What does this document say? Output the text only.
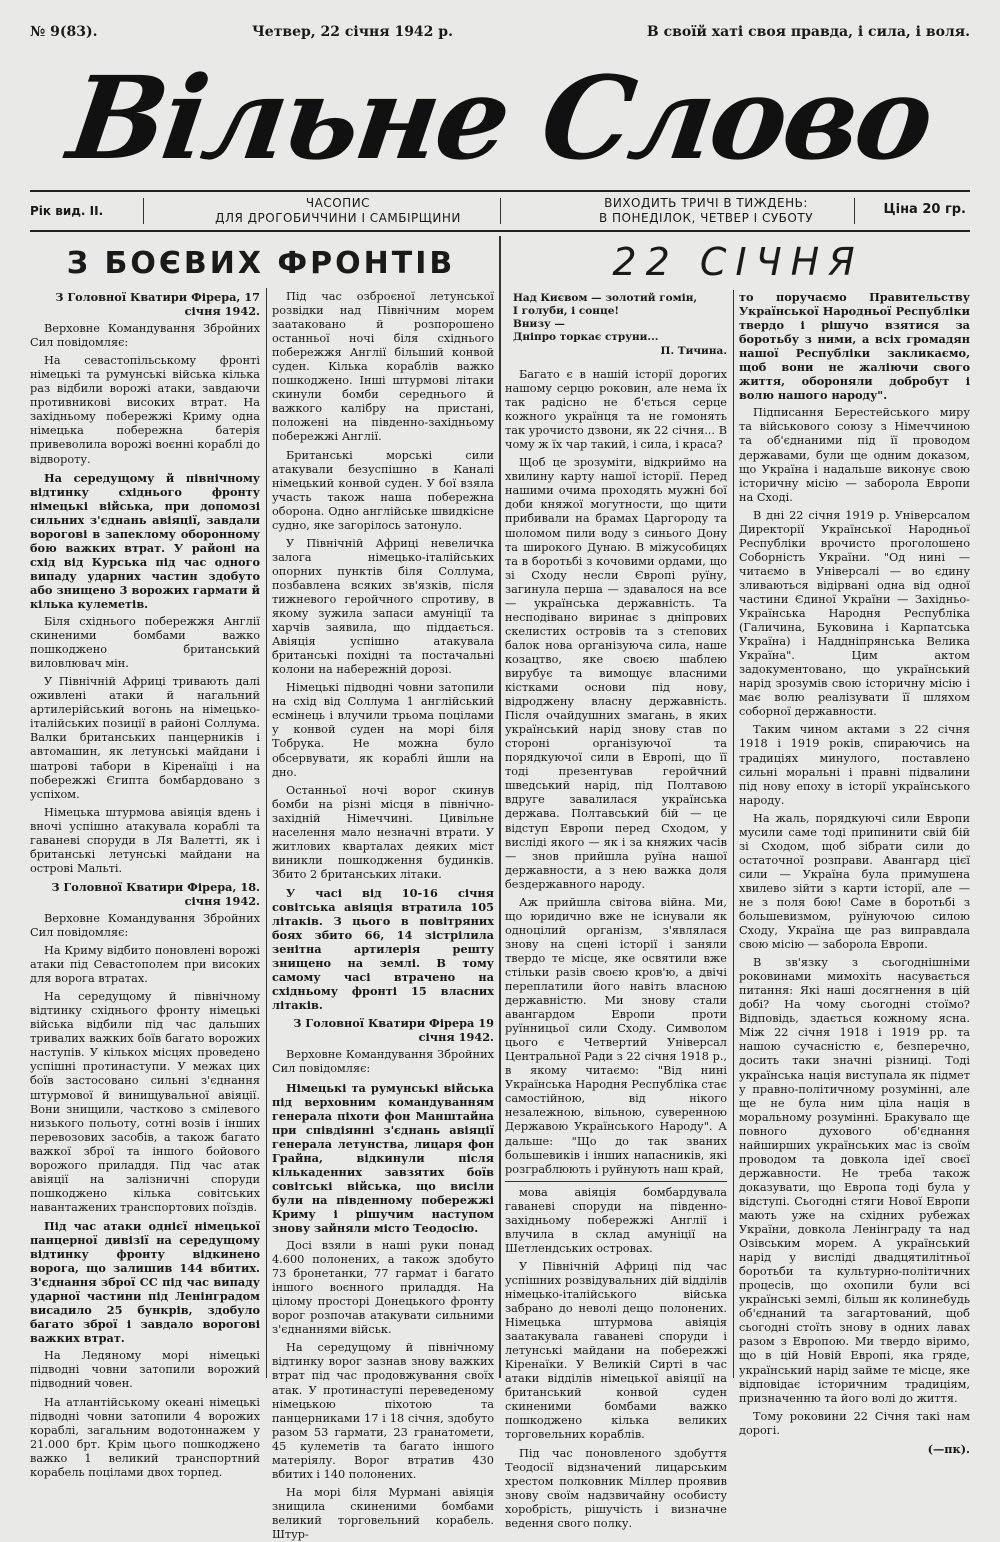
№ 9(83).	Четвер, 22 січня 1942 р.	В своїй хаті своя правда, і сила, і воля.
Вільне Слово
Рік вид. II.
ЧАСОПИС
ДЛЯ ДРОГОБИЧЧИНИ І САМБІРЩИНИ
ВИХОДИТЬ ТРИЧІ В ТИЖДЕНЬ:
В ПОНЕДІЛОК, ЧЕТВЕР І СУБОТУ
Ціна 20 гр.
З БОЄВИХ ФРОНТІВ	22 СІЧНЯ

З Головної Кватири Фірера, 17 січня 1942.

Верховне Командування Збройних Сил повідомляє:

На севастопільському фронті німецькі та румунські війська кілька раз відбили ворожі атаки, завдаючи противникові високих втрат. На західньому побережжі Криму одна німецька побережна батерія привеволила ворожі воєнні кораблі до відвороту.

На середущому й північному відтинку східнього фронту німецькі війська, при допомозі сильних з'єднань авіяції, завдали ворогові в запеклому оборонному бою важких втрат. У районі на схід від Курська під час одного випаду ударних частин здобуто або знищено 3 ворожих гармати й кілька кулеметів.

Біля східнього побережжя Англії скиненими бомбами важко пошкоджено британський виловлювач мін.

У Північній Африці тривають далі оживлені атаки й нагальний артилерійський вогонь на німецько-італійських позиції в районі Соллума. Валки британських панцерників і автомашин, як летунські майдани і шатрові табори в Кіренаїці і на побережжі Єгипта бомбардовано з успіхом.

Німецька штурмова авіяція вдень і вночі успішно атакувала кораблі та гаваневі споруди в Ля Валетті, як і британські летунські майдани на острові Мальті.

З Головної Кватири Фірера, 18. січня 1942.

Верховне Командування Збройних Сил повідомляє:

На Криму відбито поновлені ворожі атаки під Севастополем при високих для ворога втратах.

На середущому й північному відтинку східнього фронту німецькі війська відбили під час дальших тривалих важких боїв багато ворожих наступів. У кількох місцях проведено успішні протинаступи. У межах цих боїв застосовано сильні з'єднання штурмової й винищувальної авіяції. Вони знищили, частково з смілевого низького польоту, сотні возів і інших перевозових засобів, а також багато важкої зброї та іншого бойового ворожого приладдя. Під час атак авіяції на залізничні споруди пошкоджено кілька совітських навантажених транспортових поїздів.

Під час атаки однієї німецької панцерної дивізії на середущому відтинку фронту відкинено ворога, що залишив 144 вбитих. З'єднання зброї СС під час випаду ударної частини під Ленінградом висадило 25 бункрів, здобуло багато зброї і завдало ворогові важких втрат.

На Ледяному морі німецькі підводні човни затопили ворожий підводний човен.

На атлантійському океані німецькі підводні човни затопили 4 ворожих кораблі, загальним водотоннажем у 21.000 брт. Крім цього пошкоджено важко 1 великий транспортний корабель поцілами двох торпед.

Під час озброєної летунської розвідки над Північним морем заатаковано й розпорошено останньої ночі біля східнього побережжя Англії більший конвой суден. Кілька кораблів важко пошкоджено. Інші штурмові літаки скинули бомби середнього й важкого калібру на пристані, положені на південно-західньому побережжі Англії.

Британські морські сили атакували безуспішно в Каналі німецький конвой суден. У бої взяла участь також наша побережна оборона. Одно англійське швидкісне судно, яке загорілось затонуло.

У Північній Африці невеличка залога німецько-італійських опорних пунктів біля Соллума, позбавлена всяких зв'язків, після тижневого геройчного спротиву, в якому зужила запаси амуніції та харчів заявила, що піддається. Авіяція успішно атакувала британські похідні та постачальні колони на набережній дорозі.

Німецькі підводні човни затопили на схід від Соллума 1 англійський есмінець і влучили трьома поцілами у конвой суден на морі біля Тобрука. Не можна було обсервувати, як кораблі йшли на дно.

Останньої ночі ворог скинув бомби на різні місця в північно-західній Німеччині. Цивільне населення мало незначні втрати. У житлових кварталах деяких міст виникли пошкодження будинків. Збито 2 британських літаки.

У часі від 10-16 січня совітська авіяція втратила 105 літаків. З цього в повітряних боях збито 66, 14 зістрілила зенітна артилерія решту знищено на землі. В тому самому часі втрачено на східньому фронті 15 власних літаків.

З Головної Кватири Фірера 19 січня 1942.

Верховне Командування Збройних Сил повідомляє:

Німецькі та румунські війська під верховним командуванням генерала піхоти фон Манштайна при співдіянні з'єднань авіяції генерала летунства, лицаря фон Грайна, відкинули після кількаденних завзятих боїв совітські війська, що висіли були на південному побережжі Криму і рішучим наступом знову зайняли місто Теодосію.

Досі взяли в наші руки понад 4.600 полонених, а також здобуто 73 бронетанки, 77 гармат і багато іншого воєнного приладдя. На цілому просторі Донецького фронту ворог розпочав атакувати сильними з'єднаннями військ.

На середущому й північному відтинку ворог зазнав знову важких втрат під час продовжування своїх атак. У протинаступі переведеному німецькою піхотою та панцерниками 17 і 18 січня, здобуто разом 53 гармати, 23 гранатомети, 45 кулеметів та багато іншого матеріялу. Ворог втратив 430 вбитих і 140 полонених.

На морі біля Мурмані авіяція знищила скиненими бомбами великий торговельний корабель. Штур-

Над Києвом — золотий гомін,
І голуби, і сонце!
Внизу —
Дніпро торкає струни...
П. Тичина.

Багато є в нашій історії дорогих нашому серцю роковин, але нема їх так радісно не б'ється серце кожного українця та не гомонять так урочисто дзвони, як 22 січня... В чому ж їх чар такий, і сила, і краса?

Щоб це зрозуміти, відкриймо на хвилину карту нашої історії. Перед нашими очима проходять мужні бої доби княжої могутности, що щити прибивали на брамах Царгороду та шоломом пили воду з синього Дону та широкого Дунаю. В міжусобицях та в боротьбі з кочовими ордами, що зі Сходу несли Європі руїну, загинула перша — здавалося на все — українська державність. Та несподівано виринає з дніпрових скелистих островів та з степових балок нова організуюча сила, наше козацтво, яке своєю шаблею вирубує та вимощує власними кістками основи під нову, відроджену власну державність. Після очайдушних змагань, в яких український нарід знову став по стороні організуючої та порядкуючої сили в Европі, що її тоді презентував геройчний шведський нарід, під Полтавою вдруге завалилася українська держава. Полтавський бій — це відступ Европи перед Сходом, у висліді якого — як і за княжих часів — знов прийшла руїна нашої державности, а з нею важка доля бездержавного народу.

Аж прийшла світова війна. Ми, що юридично вже не існували як одноцілий організм, з'являлася знову на сцені історії і заняли твердо те місце, яке освятили вже стільки разів своєю кров'ю, а двічі переплатили його навіть власною державністю. Ми знову стали авангардом Европи проти руїнницьої сили Сходу. Символом цього є Четвертий Універсал Центральної Ради з 22 січня 1918 р., в якому читаємо: "Від нині Українська Народня Республіка стає самостійною, від нікого незалежною, вільною, суверенною Державою Українського Народу". А дальше: "Що до так званих большевиків і інших напасників, які розграблюють і руйнують наш край,

мова авіяція бомбардувала гаваневі споруди на південно-західньому побережжі Англії і влучила в склад амуніції на Шетлендських островах.

У Північній Африці під час успішних розвідувальних дій відділів німецько-італійського війська забрано до неволі дещо полонених. Німецька штурмова авіяція заатакувала гаваневі споруди і летунські майдани на побережжі Кіренаїки. У Великій Сирті в час атаки відділів німецької авіяції на британський конвой суден скиненими бомбами важко пошкоджено кілька великих торговельних кораблів.

Під час поновленого здобуття Теодосії відзначений лицарським хрестом полковник Міллер проявив знову своїм надзвичайну особисту хоробрість, рішучість і визначне ведення свого полку.

то поручаємо Правительству Української Народньої Республіки твердо і рішучо взятися за боротьбу з ними, а всіх громадян нашої Республіки закликаємо, щоб вони не жаліючи свого життя, обороняли добробут і волю нашого народу".

Підписання Берестейського миру та військового союзу з Німеччиною та об'єднаними під її проводом державами, були ще одним доказом, що Україна і надальше виконує свою історичну місію — заборола Европи на Сході.

В дні 22 січня 1919 р. Універсалом Директорії Української Народньої Республіки врочисто проголошено Соборність України. "Од нині — читаємо в Універсалі — во єдину зливаються відірвані одна від одної частини Єдиної України — Західньо-Українська Народня Республіка (Галичина, Буковина і Карпатська Україна) і Наддніпрянська Велика Україна". Цим актом задокументовано, що український нарід зрозумів свою історичну місію і має волю реалізувати її шляхом соборної державности.

Таким чином актами з 22 січня 1918 і 1919 років, спираючись на традиціях минулого, поставлено сильні моральні і правні підвалини під нову епоху в історії українського народу.

На жаль, порядкуючі сили Европи мусили саме тоді припинити свій бій зі Сходом, щоб зібрати сили до остаточної розправи. Авангард цієї сили — Україна була примушена хвилево зійти з карти історії, але — не з поля бою! Саме в боротьбі з большевизмом, руїнуючою силою Сходу, Україна ще раз виправдала свою місію — заборола Европи.

В зв'язку з сьогоднішніми роковинами мимохіть насувається питання: Які наші досягнення в цій добі? На чому сьогодні стоїмо? Відповідь, здається кожному ясна. Між 22 січня 1918 і 1919 рр. та нашою сучасністю є, безперечно, досить таки значні різниці. Тоді українська нація виступала як підмет у правно-політичному розумінні, але ще не була ним ціла нація в моральному розумінні. Бракувало ще повного духового об'єднання найширших українських мас із своїм проводом та довкола ідеї своєї державности. Не треба також доказувати, що Европа тоді була у відступі. Сьогодні стяги Нової Европи мають уже на східних рубежах України, довкола Ленінграду та над Озівським морем. А український нарід у висліді двадцятилітньої боротьби та культурно-політичних процесів, що охопили були всі українські землі, більш як колинебудь об'єднаний та загартований, щоб сьогодні стоїть знову в одних лавах разом з Европою. Ми твердо віримо, що в цій Новій Европі, яка гряде, український нарід займе те місце, яке відповідає історичним традиціям, призначенню та його волі до життя.

Тому роковини 22 Січня такі нам дорогі.

(—пк).
